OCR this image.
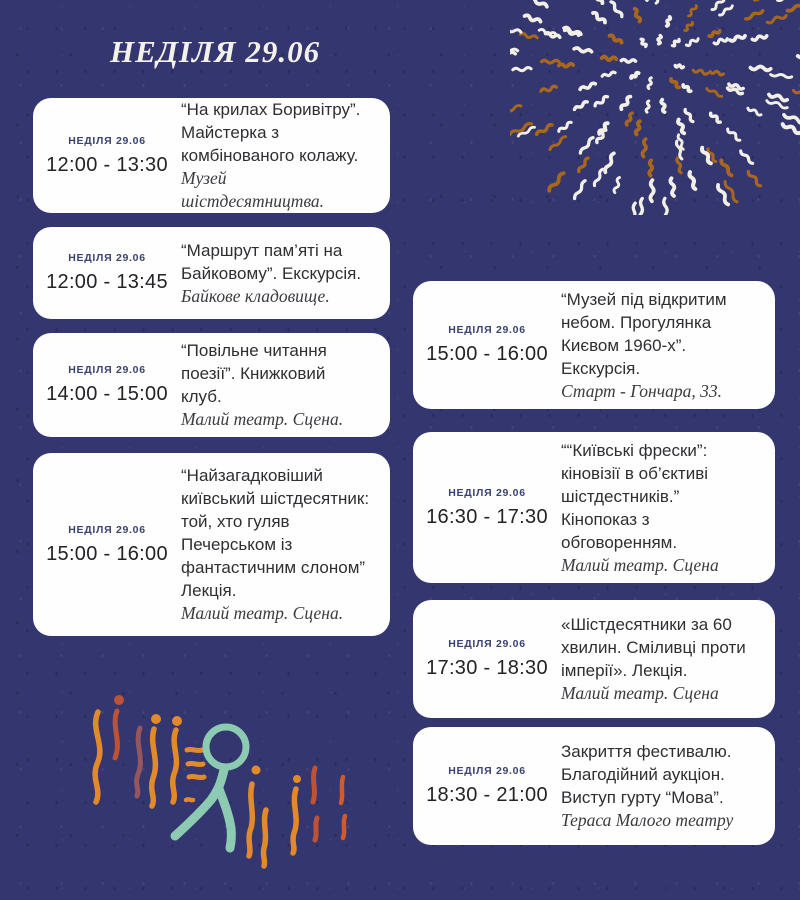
НЕДІЛЯ 29.06
НЕДІЛЯ 29.06
12:00 - 13:30
“На крилах Боривітру”. Майстерка з комбінованого колажу.
Музей шістдесятництва.
НЕДІЛЯ 29.06
12:00 - 13:45
“Маршрут пам’яті на Байковому”. Екскурсія.
Байкове кладовище.
НЕДІЛЯ 29.06
14:00 - 15:00
“Повільне читання поезії”. Книжковий клуб.
Малий театр. Сцена.
НЕДІЛЯ 29.06
15:00 - 16:00
“Найзагадковіший київський шістдесятник: той, хто гуляв Печерськом із фантастичним слоном” Лекція.
Малий театр. Сцена.
НЕДІЛЯ 29.06
15:00 - 16:00
“Музей під відкритим небом. Прогулянка Києвом 1960-х”. Екскурсія.
Старт - Гончара, 33.
НЕДІЛЯ 29.06
16:30 - 17:30
““Київські фрески”: кіновізії в об’єктиві шістдестників.” Кінопоказ з обговоренням.
Малий театр. Сцена
НЕДІЛЯ 29.06
17:30 - 18:30
«Шістдесятники за 60 хвилин. Сміливці проти імперії». Лекція.
Малий театр. Сцена
НЕДІЛЯ 29.06
18:30 - 21:00
Закриття фестивалю. Благодійний аукціон. Виступ гурту “Мова”.
Тераса Малого театру
